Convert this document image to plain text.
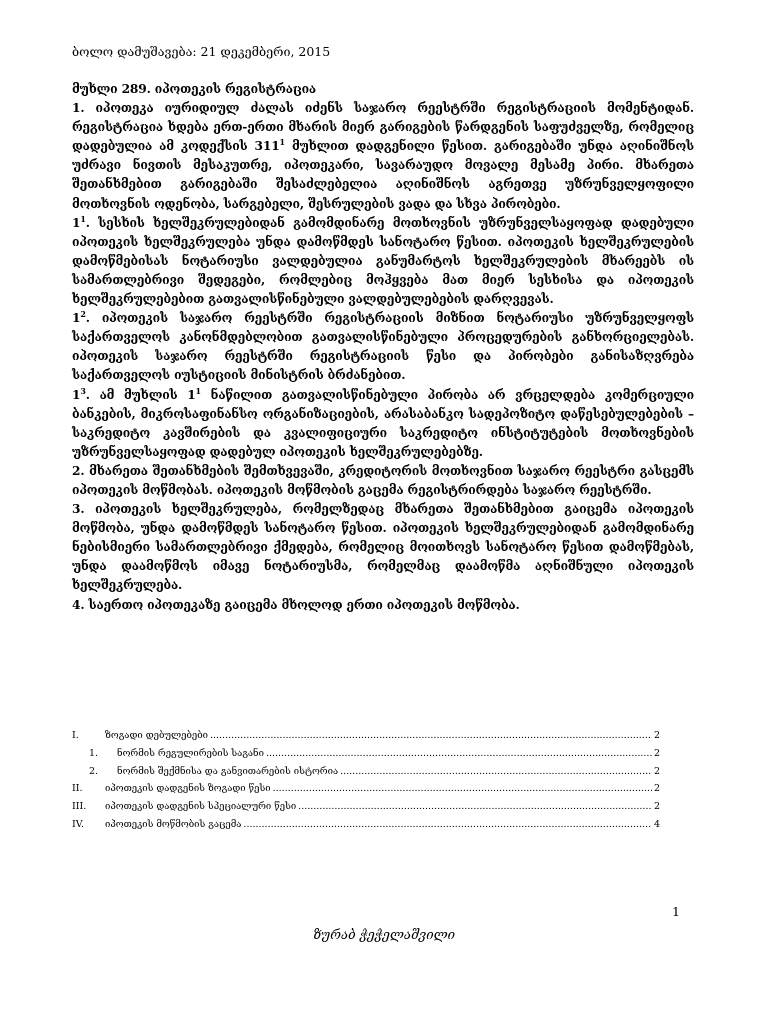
ბოლო დამუშავება: 21 დეკემბერი, 2015

მუხლი 289. იპოთეკის რეგისტრაცია

1. იპოთეკა იურიდიულ ძალას იძენს საჯარო რეესტრში რეგისტრაციის მომენტიდან. რეგისტრაცია ხდება ერთ-ერთი მხარის მიერ გარიგების წარდგენის საფუძველზე, რომელიც დადებულია ამ კოდექსის $311^1$ მუხლით დადგენილი წესით. გარიგებაში უნდა აღინიშნოს უძრავი ნივთის მესაკუთრე, იპოთეკარი, სავარაუდო მოვალე მესამე პირი. მხარეთა შეთანხმებით გარიგებაში შესაძლებელია აღინიშნოს აგრეთვე უზრუნველყოფილი მოთხოვნის ოდენობა, სარგებელი, შესრულების ვადა და სხვა პირობები.

$1^1$. სესხის ხელშეკრულებიდან გამომდინარე მოთხოვნის უზრუნველსაყოფად დადებული იპოთეკის ხელშეკრულება უნდა დამოწმდეს სანოტარო წესით. იპოთეკის ხელშეკრულების დამოწმებისას ნოტარიუსი ვალდებულია განუმარტოს ხელშეკრულების მხარეებს ის სამართლებრივი შედეგები, რომლებიც მოჰყვება მათ მიერ სესხისა და იპოთეკის ხელშეკრულებებით გათვალისწინებული ვალდებულებების დარღვევას.

$1^2$. იპოთეკის საჯარო რეესტრში რეგისტრაციის მიზნით ნოტარიუსი უზრუნველყოფს საქართველოს კანონმდებლობით გათვალისწინებული პროცედურების განხორციელებას. იპოთეკის საჯარო რეესტრში რეგისტრაციის წესი და პირობები განისაზღვრება საქართველოს იუსტიციის მინისტრის ბრძანებით.

$1^3$. ამ მუხლის $1^1$ ნაწილით გათვალისწინებული პირობა არ ვრცელდება კომერციული ბანკების, მიკროსაფინანსო ორგანიზაციების, არასაბანკო სადეპოზიტო დაწესებულებების – საკრედიტო კავშირების და კვალიფიციური საკრედიტო ინსტიტუტების მოთხოვნების უზრუნველსაყოფად დადებულ იპოთეკის ხელშეკრულებებზე.

2. მხარეთა შეთანხმების შემთხვევაში, კრედიტორის მოთხოვნით საჯარო რეესტრი გასცემს იპოთეკის მოწმობას. იპოთეკის მოწმობის გაცემა რეგისტრირდება საჯარო რეესტრში.

3. იპოთეკის ხელშეკრულება, რომელზედაც მხარეთა შეთანხმებით გაიცემა იპოთეკის მოწმობა, უნდა დამოწმდეს სანოტარო წესით. იპოთეკის ხელშეკრულებიდან გამომდინარე ნებისმიერი სამართლებრივი ქმედება, რომელიც მოითხოვს სანოტარო წესით დამოწმებას, უნდა დაამოწმოს იმავე ნოტარიუსმა, რომელმაც დაამოწმა აღნიშნული იპოთეკის ხელშეკრულება.

4. საერთო იპოთეკაზე გაიცემა მხოლოდ ერთი იპოთეკის მოწმობა.

I.	ზოგადი დებულებები .....	2
1.	ნორმის რეგულირების საგანი .....	2
2.	ნორმის შექმნისა და განვითარების ისტორია .....	2
II.	იპოთეკის დადგენის ზოგადი წესი .....	2
III.	იპოთეკის დადგენის სპეციალური წესი .....	2
IV.	იპოთეკის მოწმობის გაცემა .....	4
1
ზურაბ ჭეჭელაშვილი
